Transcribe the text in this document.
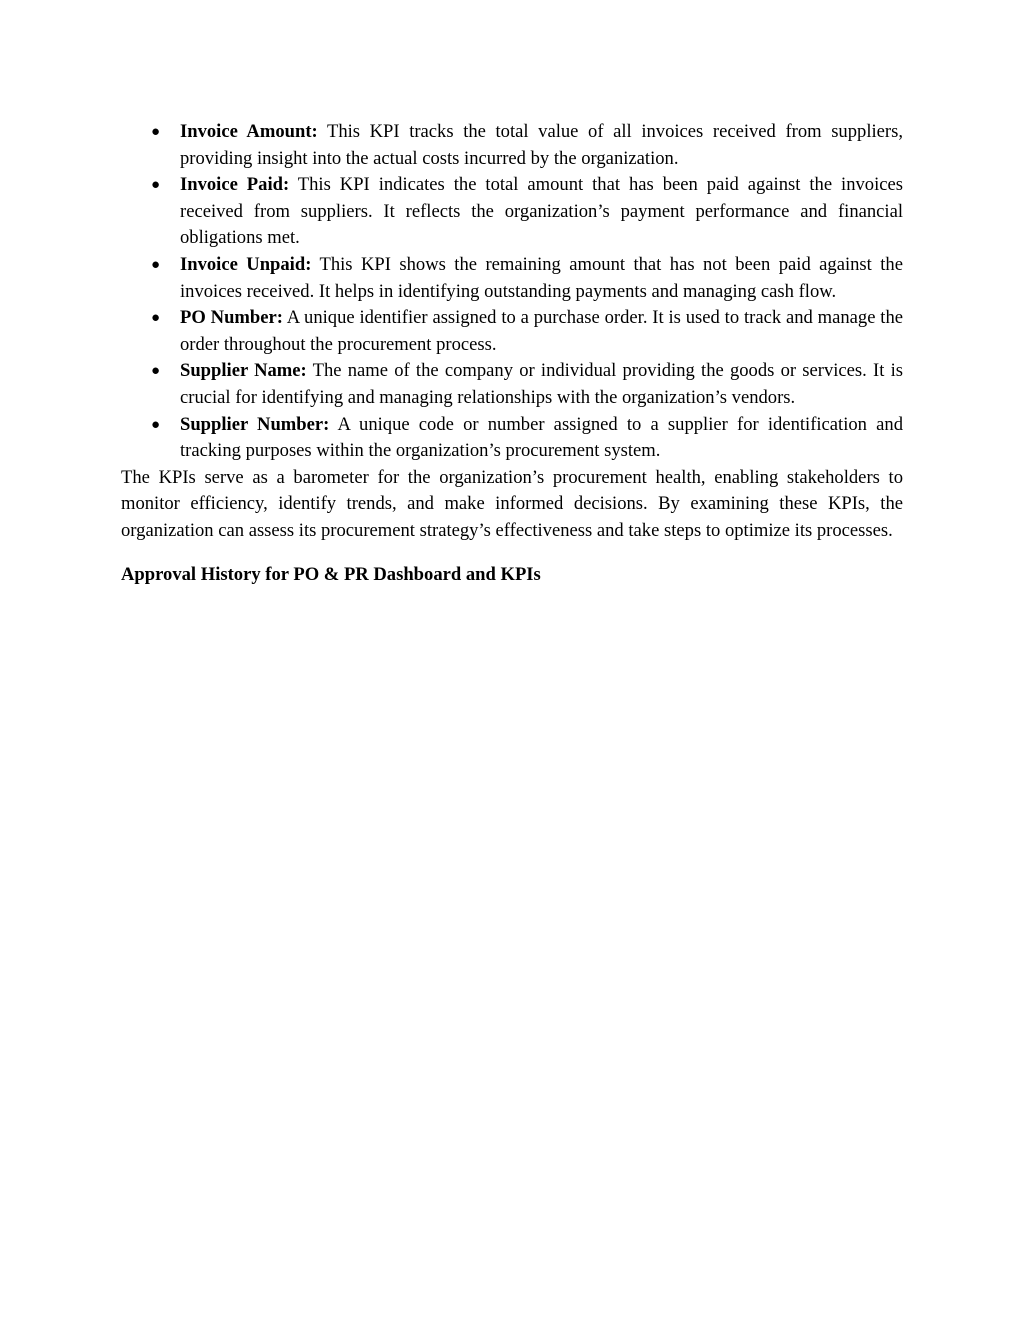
● Invoice Amount: This KPI tracks the total value of all invoices received from suppliers, providing insight into the actual costs incurred by the organization.
● Invoice Paid: This KPI indicates the total amount that has been paid against the invoices received from suppliers. It reflects the organization’s payment performance and financial obligations met.
● Invoice Unpaid: This KPI shows the remaining amount that has not been paid against the invoices received. It helps in identifying outstanding payments and managing cash flow.
● PO Number: A unique identifier assigned to a purchase order. It is used to track and manage the order throughout the procurement process.
● Supplier Name: The name of the company or individual providing the goods or services. It is crucial for identifying and managing relationships with the organization’s vendors.
● Supplier Number: A unique code or number assigned to a supplier for identification and tracking purposes within the organization’s procurement system.

The KPIs serve as a barometer for the organization’s procurement health, enabling stakeholders to monitor efficiency, identify trends, and make informed decisions. By examining these KPIs, the organization can assess its procurement strategy’s effectiveness and take steps to optimize its processes.

Approval History for PO & PR Dashboard and KPIs
